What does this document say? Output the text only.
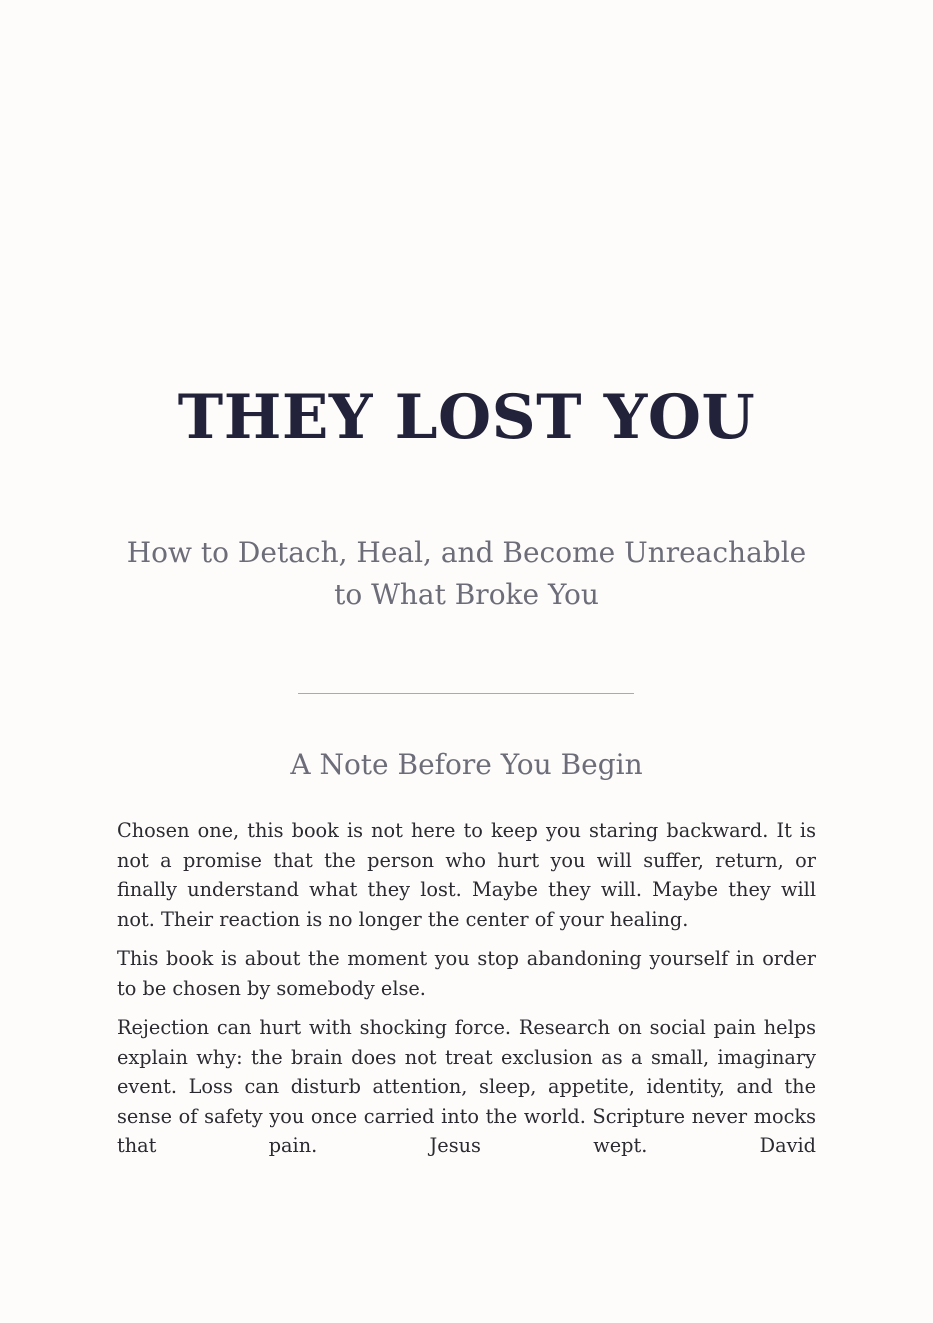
THEY LOST YOU
How to Detach, Heal, and Become Unreachable to What Broke You
A Note Before You Begin

Chosen one, this book is not here to keep you staring backward. It is not a promise that the person who hurt you will suffer, return, or finally understand what they lost. Maybe they will. Maybe they will not. Their reaction is no longer the center of your healing.

This book is about the moment you stop abandoning yourself in order to be chosen by somebody else.

Rejection can hurt with shocking force. Research on social pain helps explain why: the brain does not treat exclusion as a small, imaginary event. Loss can disturb attention, sleep, appetite, identity, and the sense of safety you once carried into the world. Scripture never mocks that pain. Jesus wept. David
